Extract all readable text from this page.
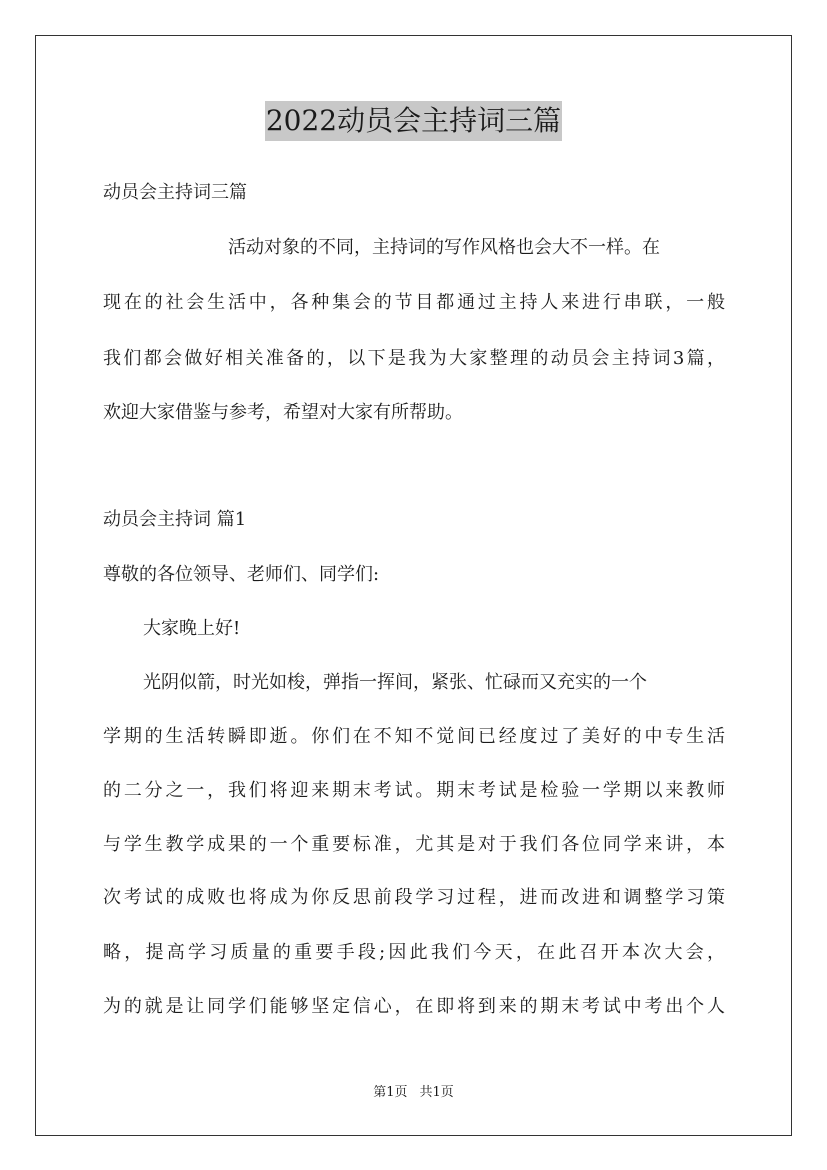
2022动员会主持词三篇
动员会主持词三篇
活动对象的不同，主持词的写作风格也会大不一样。在
现在的社会生活中，各种集会的节目都通过主持人来进行串联，一般
我们都会做好相关准备的，以下是我为大家整理的动员会主持词3篇，
欢迎大家借鉴与参考，希望对大家有所帮助。
动员会主持词 篇1
尊敬的各位领导、老师们、同学们:
大家晚上好!
光阴似箭，时光如梭，弹指一挥间，紧张、忙碌而又充实的一个
学期的生活转瞬即逝。你们在不知不觉间已经度过了美好的中专生活
的二分之一，我们将迎来期末考试。期末考试是检验一学期以来教师
与学生教学成果的一个重要标准，尤其是对于我们各位同学来讲，本
次考试的成败也将成为你反思前段学习过程，进而改进和调整学习策
略，提高学习质量的重要手段;因此我们今天，在此召开本次大会，
为的就是让同学们能够坚定信心，在即将到来的期末考试中考出个人
第1页 共1页
